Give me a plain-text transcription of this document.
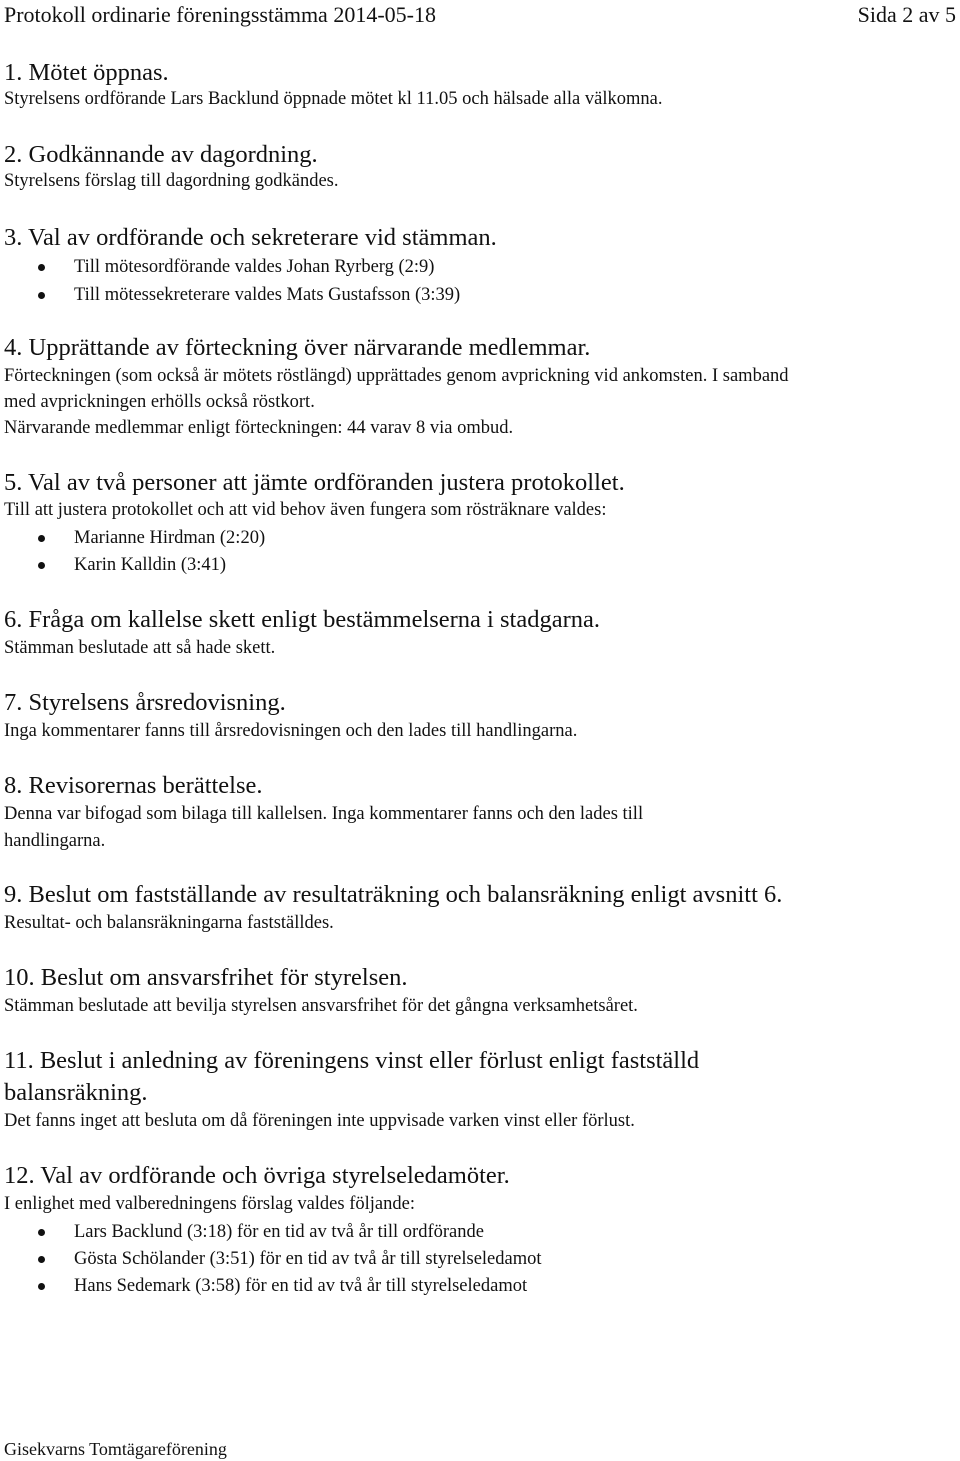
Protokoll ordinarie föreningsstämma 2014-05-18	Sida 2 av 5
1. Mötet öppnas.
Styrelsens ordförande Lars Backlund öppnade mötet kl 11.05 och hälsade alla välkomna.
2. Godkännande av dagordning.
Styrelsens förslag till dagordning godkändes.
3. Val av ordförande och sekreterare vid stämman.
Till mötesordförande valdes Johan Ryrberg (2:9)
Till mötessekreterare valdes Mats Gustafsson (3:39)
4. Upprättande av förteckning över närvarande medlemmar.
Förteckningen (som också är mötets röstlängd) upprättades genom avprickning vid ankomsten. I samband
med avprickningen erhölls också röstkort.
Närvarande medlemmar enligt förteckningen: 44 varav 8 via ombud.
5. Val av två personer att jämte ordföranden justera protokollet.
Till att justera protokollet och att vid behov även fungera som rösträknare valdes:
Marianne Hirdman (2:20)
Karin Kalldin (3:41)
6. Fråga om kallelse skett enligt bestämmelserna i stadgarna.
Stämman beslutade att så hade skett.
7. Styrelsens årsredovisning.
Inga kommentarer fanns till årsredovisningen och den lades till handlingarna.
8. Revisorernas berättelse.
Denna var bifogad som bilaga till kallelsen. Inga kommentarer fanns och den lades till
handlingarna.
9. Beslut om fastställande av resultaträkning och balansräkning enligt avsnitt 6.
Resultat- och balansräkningarna fastställdes.
10. Beslut om ansvarsfrihet för styrelsen.
Stämman beslutade att bevilja styrelsen ansvarsfrihet för det gångna verksamhetsåret.
11. Beslut i anledning av föreningens vinst eller förlust enligt fastställd
balansräkning.
Det fanns inget att besluta om då föreningen inte uppvisade varken vinst eller förlust.
12. Val av ordförande och övriga styrelseledamöter.
I enlighet med valberedningens förslag valdes följande:
Lars Backlund (3:18) för en tid av två år till ordförande
Gösta Schölander (3:51) för en tid av två år till styrelseledamot
Hans Sedemark (3:58) för en tid av två år till styrelseledamot
Gisekvarns Tomtägareförening
